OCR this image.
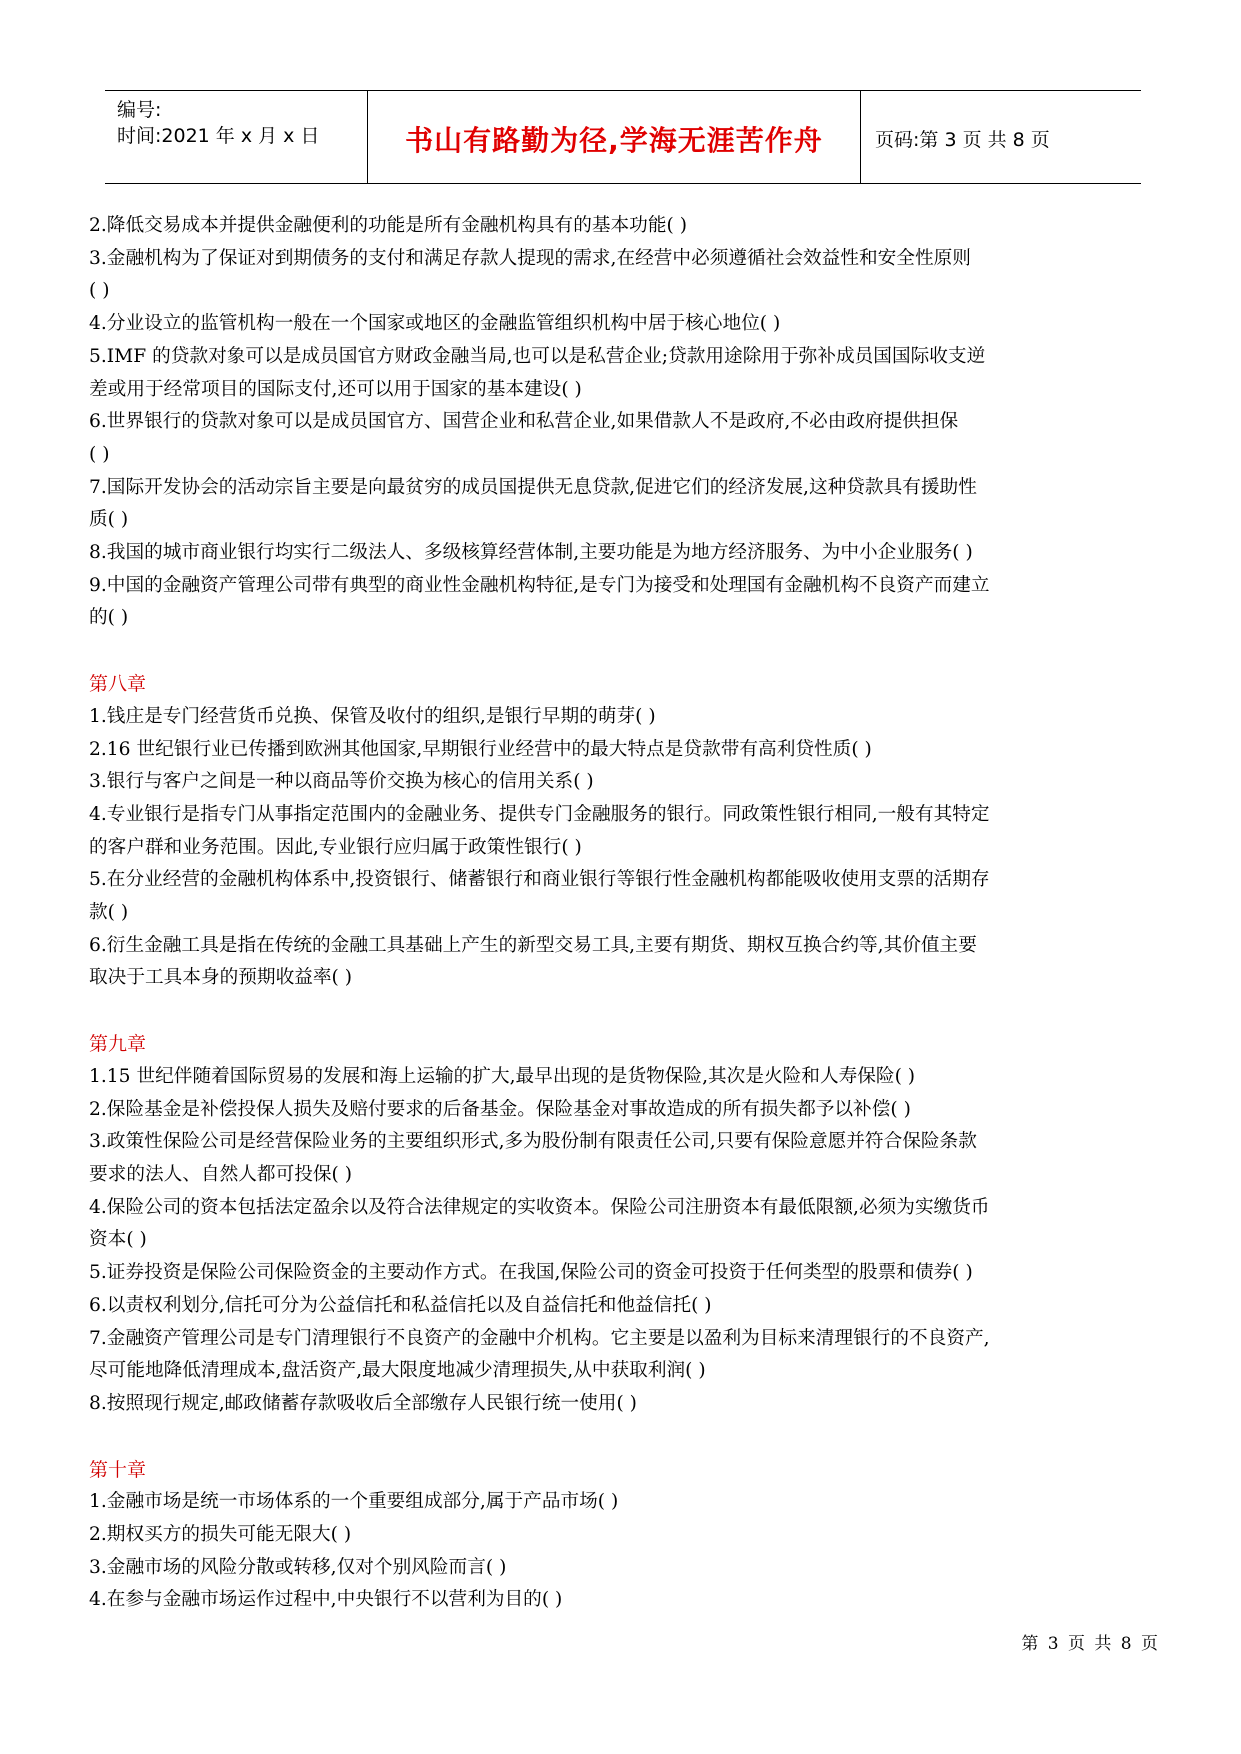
编号:
时间:2021 年 x 月 x 日	书山有路勤为径,学海无涯苦作舟	页码:第 3 页 共 8 页
2.降低交易成本并提供金融便利的功能是所有金融机构具有的基本功能( )
3.金融机构为了保证对到期债务的支付和满足存款人提现的需求,在经营中必须遵循社会效益性和安全性原则
( )
4.分业设立的监管机构一般在一个国家或地区的金融监管组织机构中居于核心地位( )
5.IMF 的贷款对象可以是成员国官方财政金融当局,也可以是私营企业;贷款用途除用于弥补成员国国际收支逆
差或用于经常项目的国际支付,还可以用于国家的基本建设( )
6.世界银行的贷款对象可以是成员国官方、国营企业和私营企业,如果借款人不是政府,不必由政府提供担保
( )
7.国际开发协会的活动宗旨主要是向最贫穷的成员国提供无息贷款,促进它们的经济发展,这种贷款具有援助性
质( )
8.我国的城市商业银行均实行二级法人、多级核算经营体制,主要功能是为地方经济服务、为中小企业服务( )
9.中国的金融资产管理公司带有典型的商业性金融机构特征,是专门为接受和处理国有金融机构不良资产而建立
的( )
第八章
1.钱庄是专门经营货币兑换、保管及收付的组织,是银行早期的萌芽( )
2.16 世纪银行业已传播到欧洲其他国家,早期银行业经营中的最大特点是贷款带有高利贷性质( )
3.银行与客户之间是一种以商品等价交换为核心的信用关系( )
4.专业银行是指专门从事指定范围内的金融业务、提供专门金融服务的银行。同政策性银行相同,一般有其特定
的客户群和业务范围。因此,专业银行应归属于政策性银行( )
5.在分业经营的金融机构体系中,投资银行、储蓄银行和商业银行等银行性金融机构都能吸收使用支票的活期存
款( )
6.衍生金融工具是指在传统的金融工具基础上产生的新型交易工具,主要有期货、期权互换合约等,其价值主要
取决于工具本身的预期收益率( )
第九章
1.15 世纪伴随着国际贸易的发展和海上运输的扩大,最早出现的是货物保险,其次是火险和人寿保险( )
2.保险基金是补偿投保人损失及赔付要求的后备基金。保险基金对事故造成的所有损失都予以补偿( )
3.政策性保险公司是经营保险业务的主要组织形式,多为股份制有限责任公司,只要有保险意愿并符合保险条款
要求的法人、自然人都可投保( )
4.保险公司的资本包括法定盈余以及符合法律规定的实收资本。保险公司注册资本有最低限额,必须为实缴货币
资本( )
5.证券投资是保险公司保险资金的主要动作方式。在我国,保险公司的资金可投资于任何类型的股票和债券( )
6.以责权利划分,信托可分为公益信托和私益信托以及自益信托和他益信托( )
7.金融资产管理公司是专门清理银行不良资产的金融中介机构。它主要是以盈利为目标来清理银行的不良资产,
尽可能地降低清理成本,盘活资产,最大限度地减少清理损失,从中获取利润( )
8.按照现行规定,邮政储蓄存款吸收后全部缴存人民银行统一使用( )
第十章
1.金融市场是统一市场体系的一个重要组成部分,属于产品市场( )
2.期权买方的损失可能无限大( )
3.金融市场的风险分散或转移,仅对个别风险而言( )
4.在参与金融市场运作过程中,中央银行不以营利为目的( )
第 3 页 共 8 页
